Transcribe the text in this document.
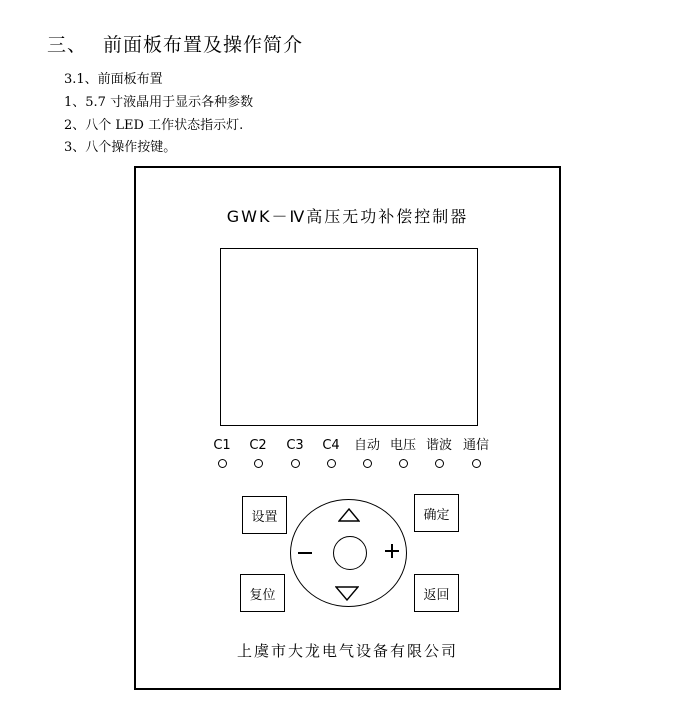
三、 前面板布置及操作简介
3.1、前面板布置
1、5.7 寸液晶用于显示各种参数
2、八个 LED 工作状态指示灯.
3、八个操作按键。
GWK－Ⅳ高压无功补偿控制器
C1	C2	C3	C4	自动 电压 谐波 通信
设置	确定
复位	返回
上虞市大龙电气设备有限公司
